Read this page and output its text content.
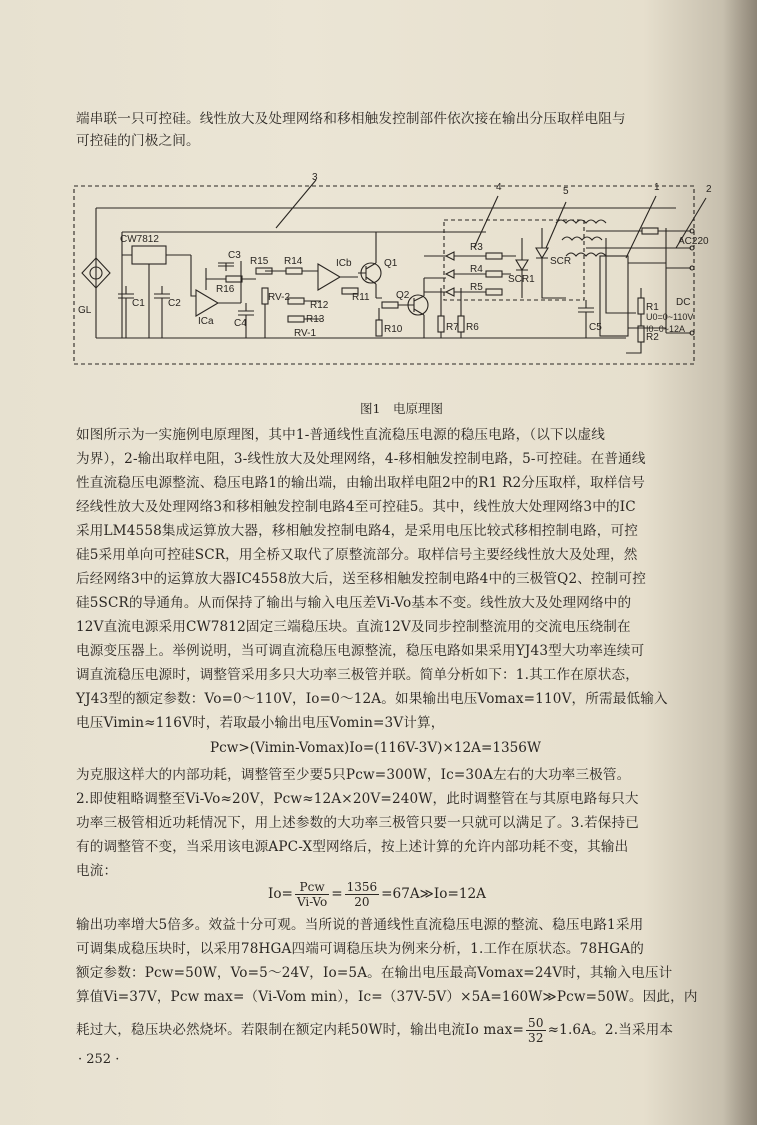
端串联一只可控硅。线性放大及处理网络和移相触发控制部件依次接在输出分压取样电阻与
可控硅的门极之间。
3
4	5	1	2
CW7812
GL
C1 C2
C3
R15
R16
ICa C4
R14
RV-2
R12
R13
RV-1
ICb
R11
Q1
Q2
R10	R7 R6
R3
R4
R5
SCR1
SCR
C5
R1
R2
AC220
DC
U0=0~110V
I0=0~12A
图1　电原理图
如图所示为一实施例电原理图，其中1-普通线性直流稳压电源的稳压电路，（以下以虚线
为界），2-输出取样电阻，3-线性放大及处理网络，4-移相触发控制电路，5-可控硅。在普通线
性直流稳压电源整流、稳压电路1的输出端，由输出取样电阻2中的R1 R2分压取样，取样信号
经线性放大及处理网络3和移相触发控制电路4至可控硅5。其中，线性放大处理网络3中的IC
采用LM4558集成运算放大器，移相触发控制电路4，是采用电压比较式移相控制电路，可控
硅5采用单向可控硅SCR，用全桥又取代了原整流部分。取样信号主要经线性放大及处理，然
后经网络3中的运算放大器IC4558放大后，送至移相触发控制电路4中的三极管Q2、控制可控
硅5SCR的导通角。从而保持了输出与输入电压差Vi-Vo基本不变。线性放大及处理网络中的
12V直流电源采用CW7812固定三端稳压块。直流12V及同步控制整流用的交流电压绕制在
电源变压器上。举例说明，当可调直流稳压电源整流，稳压电路如果采用YJ43型大功率连续可
调直流稳压电源时，调整管采用多只大功率三极管并联。简单分析如下：1.其工作在原状态，
YJ43型的额定参数：Vo=0～110V，Io=0～12A。如果输出电压Vomax=110V，所需最低输入
电压Vimin≈116V时，若取最小输出电压Vomin=3V计算，
Pcw>(Vimin-Vomax)Io=(116V-3V)×12A=1356W
为克服这样大的内部功耗，调整管至少要5只Pcw=300W，Ic=30A左右的大功率三极管。
2.即使粗略调整至Vi-Vo≈20V，Pcw≈12A×20V=240W，此时调整管在与其原电路每只大
功率三极管相近功耗情况下，用上述参数的大功率三极管只要一只就可以满足了。3.若保持已
有的调整管不变，当采用该电源APC-X型网络后，按上述计算的允许内部功耗不变，其输出
电流：
$Io= \frac{\text{Pcw}}{Vi-Vo} = \frac{1356}{20}$ =67A≫Io=12A
输出功率增大5倍多。效益十分可观。当所说的普通线性直流稳压电源的整流、稳压电路1采用
可调集成稳压块时，以采用78HGA四端可调稳压块为例来分析，1.工作在原状态。78HGA的
额定参数：Pcw=50W，Vo=5～24V，Io=5A。在输出电压最高Vomax=24V时，其输入电压计
算值Vi=37V，Pcw max=（Vi-Vom min），Ic=（37V-5V）×5A=160W≫Pcw=50W。因此，内
耗过大，稳压块必然烧坏。若限制在额定内耗50W时，输出电流Io $\max= \frac{50}{32} \approx 1.6A$。2.当采用本
· 252 ·
